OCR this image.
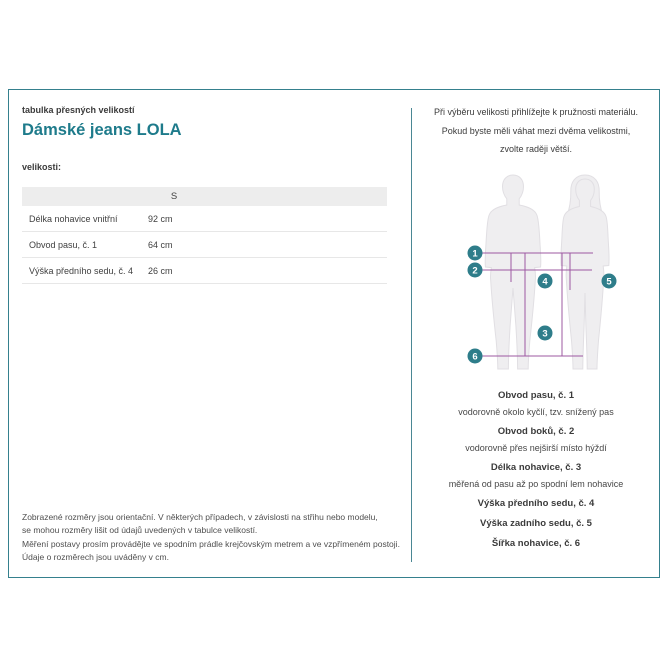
tabulka přesných velikostí
Dámské jeans LOLA
velikosti:
	S	
Délka nohavice vnitřní	92 cm	
Obvod pasu, č. 1	64 cm	
Výška předního sedu, č. 4	26 cm	
Zobrazené rozměry jsou orientační. V některých případech, v závislosti na střihu nebo modelu,
se mohou rozměry lišit od údajů uvedených v tabulce velikostí.
Měření postavy prosím provádějte ve spodním prádle krejčovským metrem a ve vzpřímeném postoji.
Údaje o rozměrech jsou uváděny v cm.
Při výběru velikosti přihlížejte k pružnosti materiálu.
Pokud byste měli váhat mezi dvěma velikostmi,
zvolte raději větší.
1
2
4	5
3
6
Obvod pasu, č. 1
vodorovně okolo kyčlí, tzv. snížený pas
Obvod boků, č. 2
vodorovně přes nejširší místo hýždí
Délka nohavice, č. 3
měřená od pasu až po spodní lem nohavice
Výška předního sedu, č. 4
Výška zadního sedu, č. 5
Šířka nohavice, č. 6
